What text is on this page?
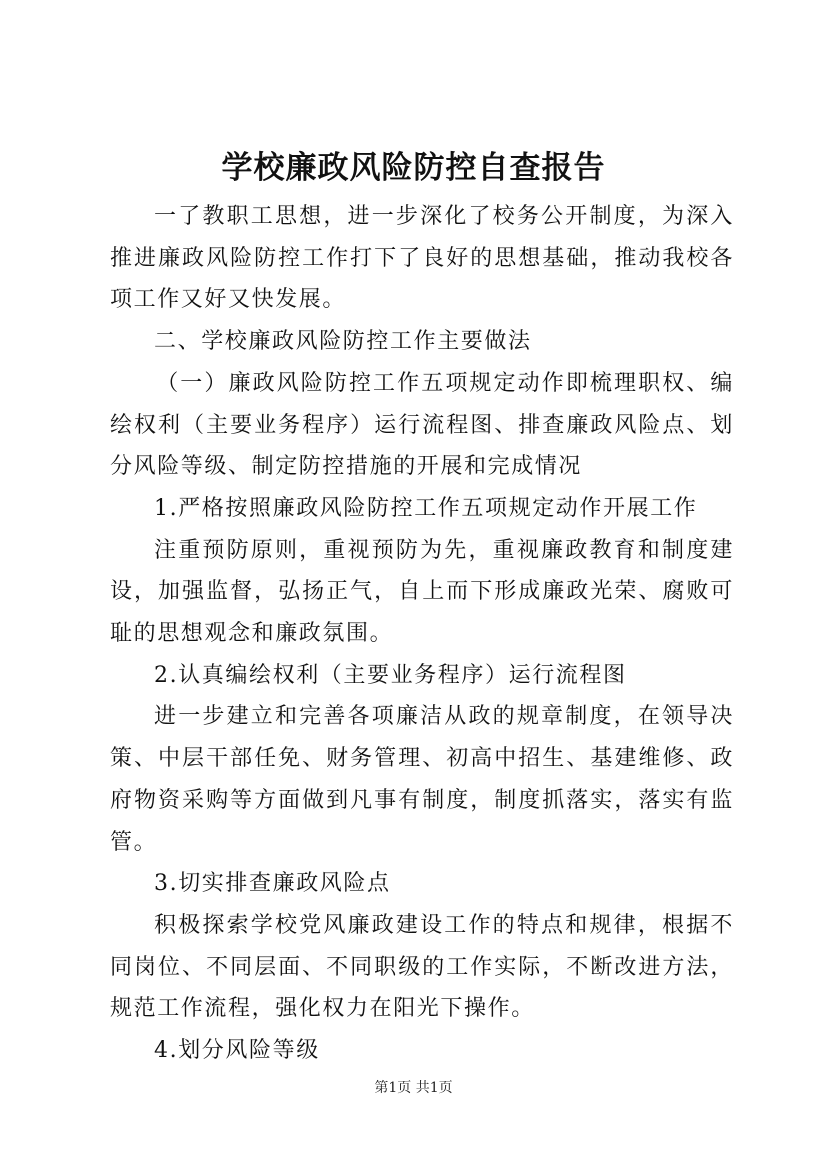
学校廉政风险防控自查报告

一了教职工思想，进一步深化了校务公开制度，为深入推进廉政风险防控工作打下了良好的思想基础，推动我校各项工作又好又快发展。

二、学校廉政风险防控工作主要做法

（一）廉政风险防控工作五项规定动作即梳理职权、编绘权利（主要业务程序）运行流程图、排查廉政风险点、划分风险等级、制定防控措施的开展和完成情况

1.严格按照廉政风险防控工作五项规定动作开展工作

注重预防原则，重视预防为先，重视廉政教育和制度建设，加强监督，弘扬正气，自上而下形成廉政光荣、腐败可耻的思想观念和廉政氛围。

2.认真编绘权利（主要业务程序）运行流程图

进一步建立和完善各项廉洁从政的规章制度，在领导决策、中层干部任免、财务管理、初高中招生、基建维修、政府物资采购等方面做到凡事有制度，制度抓落实，落实有监管。

3.切实排查廉政风险点

积极探索学校党风廉政建设工作的特点和规律，根据不同岗位、不同层面、不同职级的工作实际，不断改进方法，规范工作流程，强化权力在阳光下操作。

4.划分风险等级

第1页 共1页
